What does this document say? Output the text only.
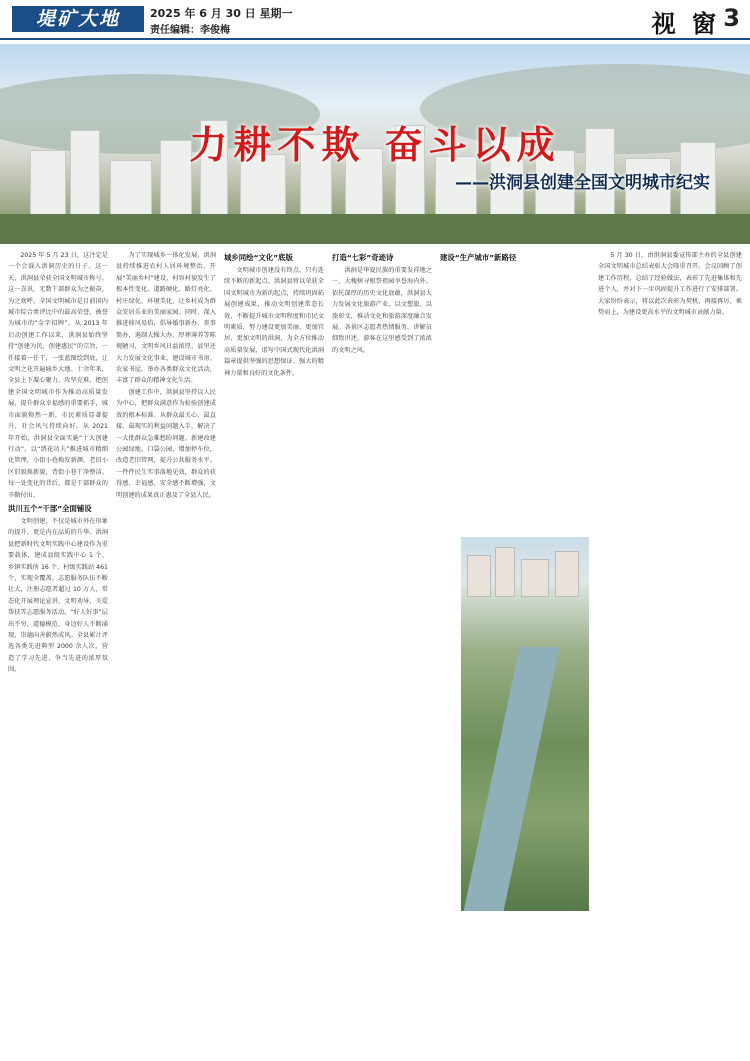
堤矿大地	2025 年 6 月 30 日 星期一
责任编辑：李俊梅	视 窗 3
力耕不欺 奋斗以成
——洪洞县创建全国文明城市纪实

2025 年 5 月 23 日，这注定是一个会载入洪洞历史的日子。这一天，洪洞县荣获全国文明城市称号。这一喜讯，无数干部群众为之振奋，为之欢呼。全国文明城市是目前国内城市综合类评比中的最高荣誉，被誉为城市的“金字招牌”。从 2013 年启动创建工作以来，洪洞县始终坚持“创建为民、创建惠民”的宗旨，一任接着一任干，一张蓝图绘到底，让文明之花开遍城乡大地。十余年来，全县上下凝心聚力、攻坚克难，把创建全国文明城市作为推动高质量发展、提升群众幸福感的重要抓手，城市面貌焕然一新，市民素质显著提升，社会风气持续向好。从 2021 年开始，洪洞县全面实施“十大创建行动”，以“绣花功夫”推进城市精细化管理，小街小巷焕发新颜，老旧小区旧貌换新貌，背街小巷干净整洁。每一处变化的背后，都是干部群众的辛勤付出。

洪川五个“干部”全面铺设

文明创建，不仅是城市外在形象的提升，更是内在品质的升华。洪洞县把新时代文明实践中心建设作为重要载体，建成县级实践中心 1 个、乡镇实践所 16 个、村级实践站 461 个，实现全覆盖。志愿服务队伍不断壮大，注册志愿者超过 10 万人，常态化开展理论宣讲、文明劝导、关爱帮扶等志愿服务活动。“好人好事”层出不穷，道德模范、身边好人不断涌现，崇德向善蔚然成风。全县累计评选各类先进典型 2000 余人次，营造了学习先进、争当先进的浓厚氛围。

为了实现城乡一体化发展，洪洞县持续推进农村人居环境整治，开展“美丽乡村”建设，村容村貌发生了根本性变化。道路硬化、路灯亮化、村庄绿化、环境美化，让乡村成为群众安居乐业的美丽家园。同时，深入推进移风易俗，倡导婚事新办、丧事简办，遏制大操大办、厚葬薄养等陈规陋习，文明乡风日益浓厚。县里还大力发展文化事业，建设城市书房、农家书屋，举办各类群众文化活动，丰富了群众的精神文化生活。

创建工作中，洪洞县坚持以人民为中心，把群众满意作为检验创建成效的根本标准。从群众最关心、最直接、最现实的利益问题入手，解决了一大批群众急难愁盼问题。新建改建公园绿地、口袋公园，增加停车位，改造老旧管网，提升公共服务水平。一件件民生实事落地见效，群众的获得感、幸福感、安全感不断增强，文明创建的成果真正惠及了全县人民。

城乡同绘“文化”底版

文明城市创建没有终点，只有连续不断的新起点。洪洞县将以荣获全国文明城市为新的起点，持续巩固拓展创建成果，推动文明创建常态长效，不断提升城市文明程度和市民文明素质，努力建设更加美丽、更加宜居、更加文明的洪洞，为全方位推动高质量发展、谱写中国式现代化洪洞篇章提供坚强的思想保证、强大的精神力量和良好的文化条件。

打造“七彩”奇迹诗

洪洞是华夏民族的重要发祥地之一，大槐树寻根祭祖园享誉海内外。依托深厚的历史文化底蕴，洪洞县大力发展文化旅游产业，以文塑旅、以旅彰文，推动文化和旅游深度融合发展。各景区志愿者热情服务，讲解员细致讲述，游客在这里感受到了浓浓的文明之风。

建设“生产城市”新路径	5 月 30 日，由洪洞县委宣传部主办的全县创建全国文明城市总结表彰大会隆重召开。会议回顾了创建工作历程，总结了经验做法，表彰了先进集体和先进个人，并对下一步巩固提升工作进行了安排部署。大家纷纷表示，将以此次表彰为契机，再接再厉、乘势而上，为建设更高水平的文明城市贡献力量。
